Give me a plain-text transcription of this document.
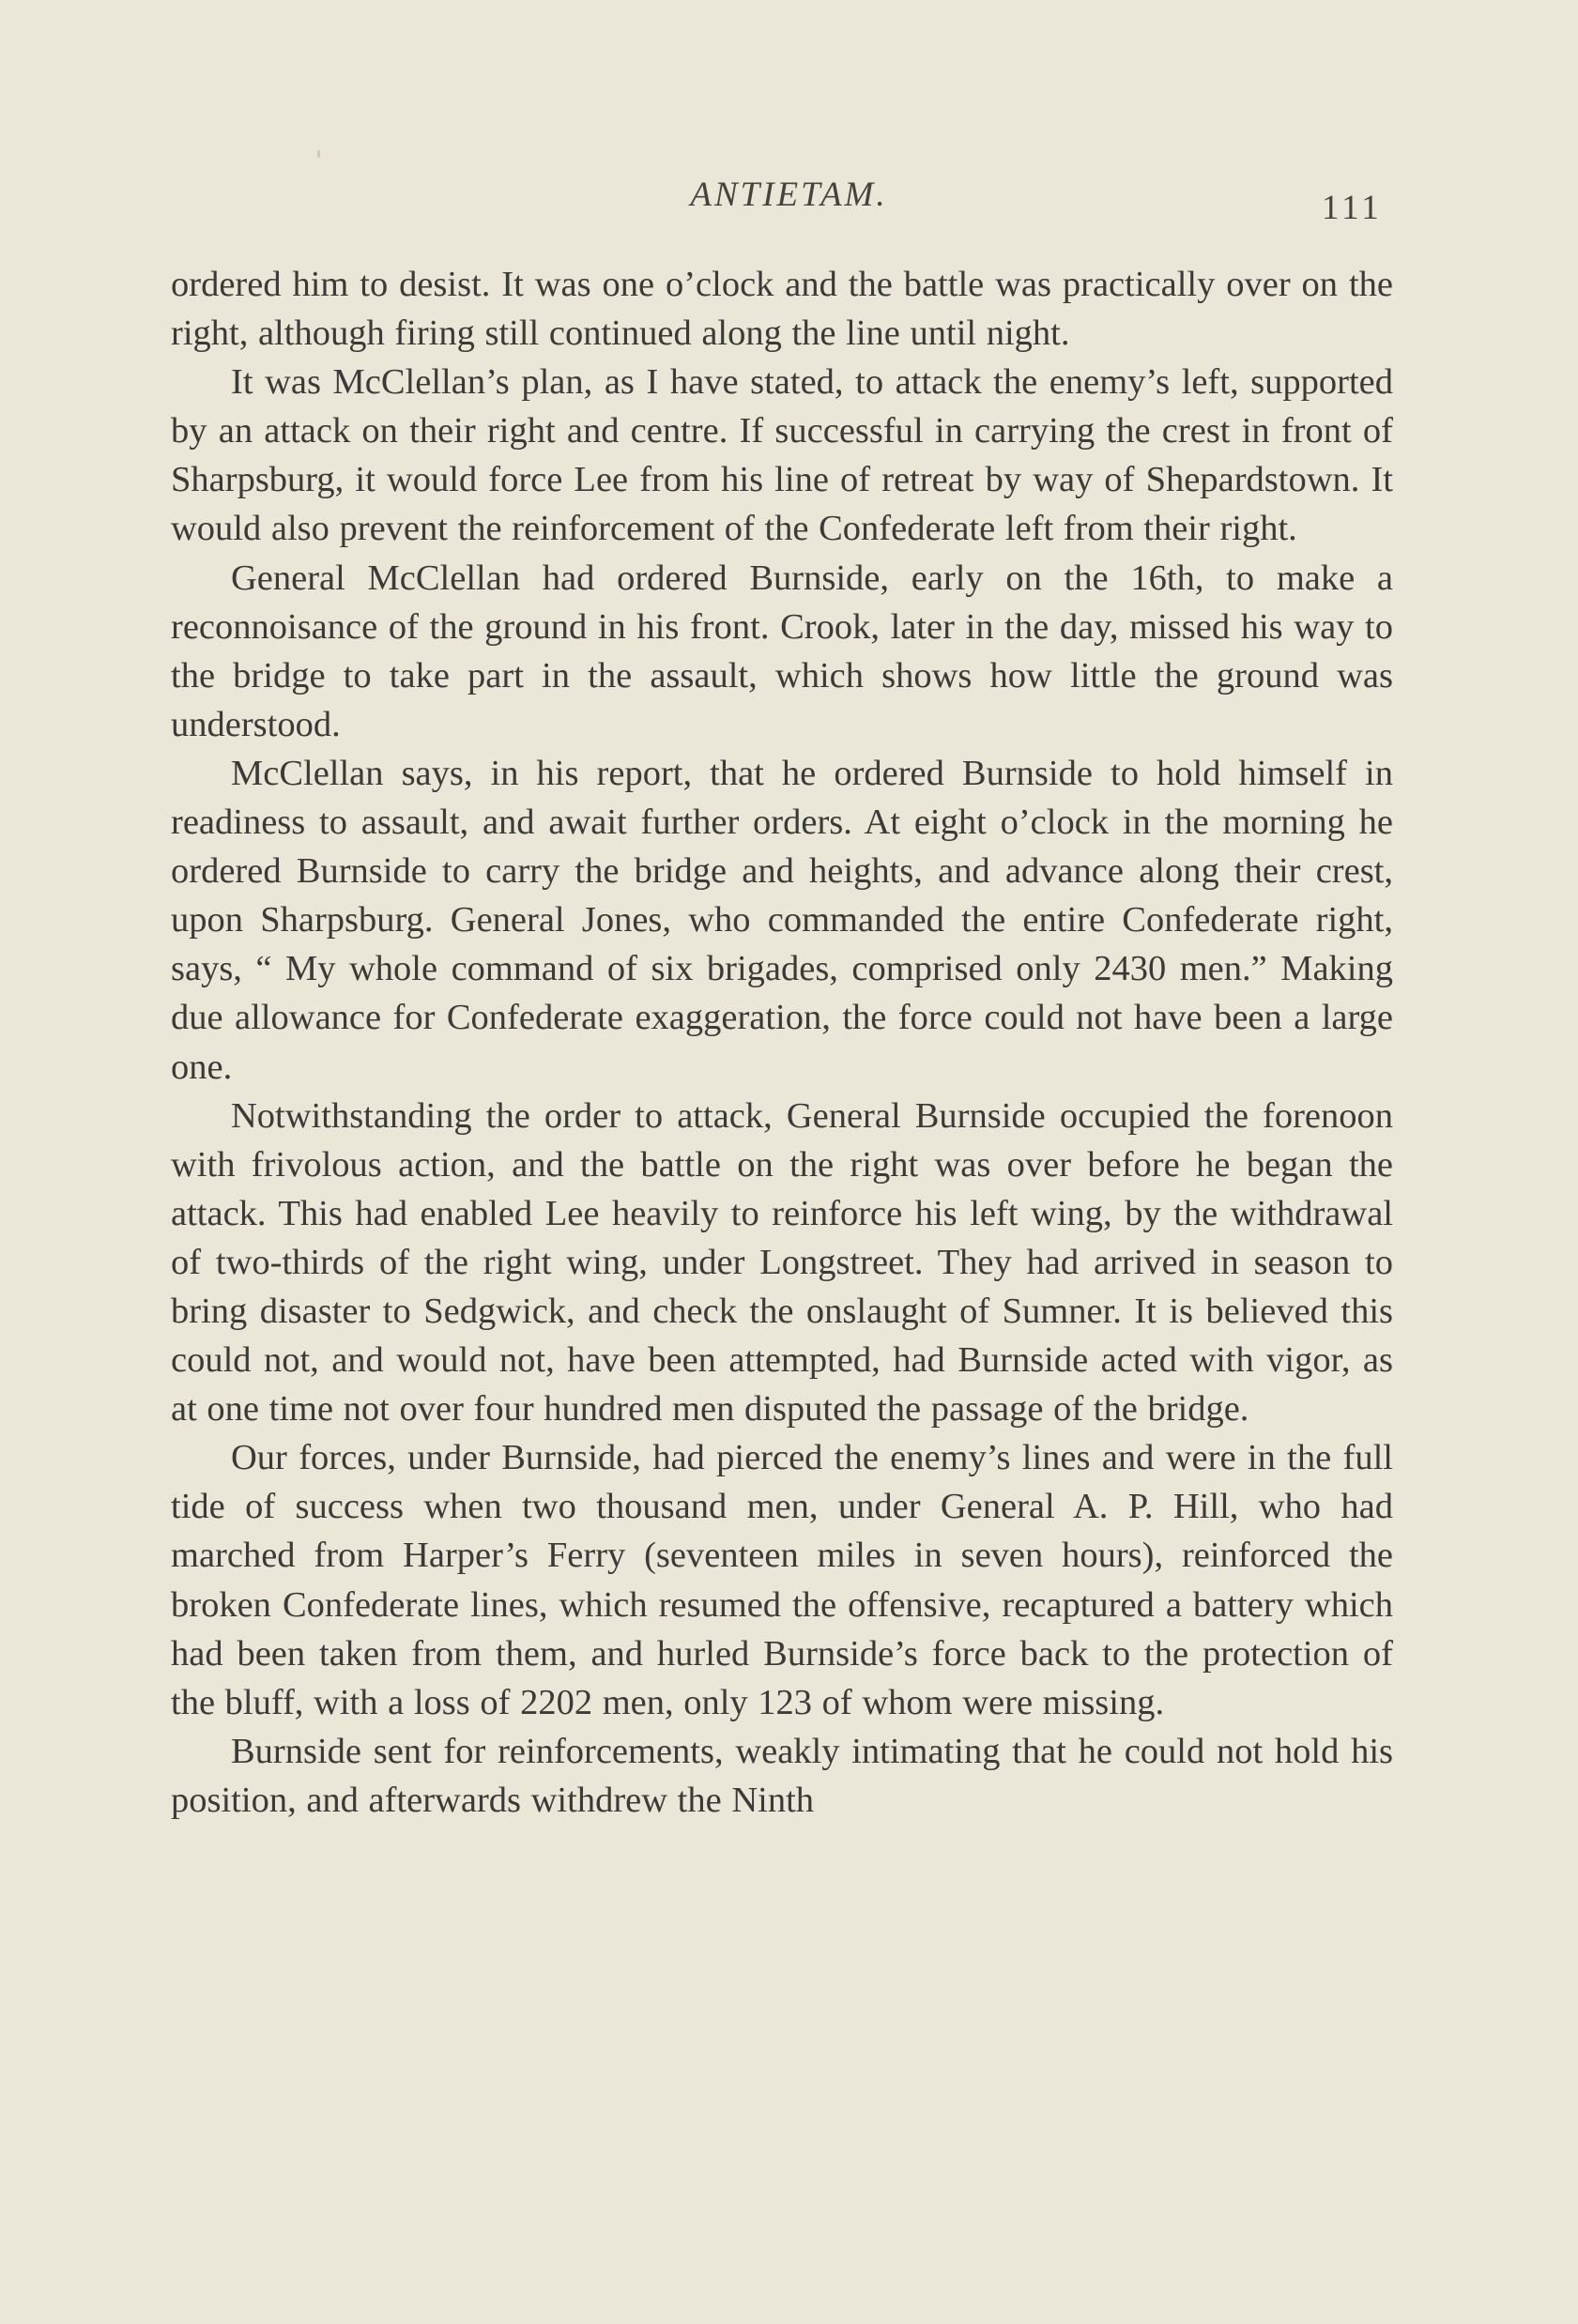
ANTIETAM.	111

ordered him to desist. It was one o’clock and the battle was practically over on the right, although firing still continued along the line until night.

It was McClellan’s plan, as I have stated, to attack the enemy’s left, supported by an attack on their right and centre. If successful in carrying the crest in front of Sharpsburg, it would force Lee from his line of retreat by way of Shepardstown. It would also prevent the reinforcement of the Confederate left from their right.

General McClellan had ordered Burnside, early on the 16th, to make a reconnoisance of the ground in his front. Crook, later in the day, missed his way to the bridge to take part in the assault, which shows how little the ground was understood.

McClellan says, in his report, that he ordered Burnside to hold himself in readiness to assault, and await further orders. At eight o’clock in the morning he ordered Burnside to carry the bridge and heights, and advance along their crest, upon Sharpsburg. General Jones, who commanded the entire Confederate right, says, “ My whole command of six brigades, comprised only 2430 men.” Making due allowance for Confederate exaggeration, the force could not have been a large one.

Notwithstanding the order to attack, General Burnside occupied the forenoon with frivolous action, and the battle on the right was over before he began the attack. This had enabled Lee heavily to reinforce his left wing, by the withdrawal of two-thirds of the right wing, under Longstreet. They had arrived in season to bring disaster to Sedgwick, and check the onslaught of Sumner. It is believed this could not, and would not, have been attempted, had Burnside acted with vigor, as at one time not over four hundred men disputed the passage of the bridge.

Our forces, under Burnside, had pierced the enemy’s lines and were in the full tide of success when two thousand men, under General A. P. Hill, who had marched from Harper’s Ferry (seventeen miles in seven hours), reinforced the broken Confederate lines, which resumed the offensive, recaptured a battery which had been taken from them, and hurled Burnside’s force back to the protection of the bluff, with a loss of 2202 men, only 123 of whom were missing.

Burnside sent for reinforcements, weakly intimating that he could not hold his position, and afterwards withdrew the Ninth
